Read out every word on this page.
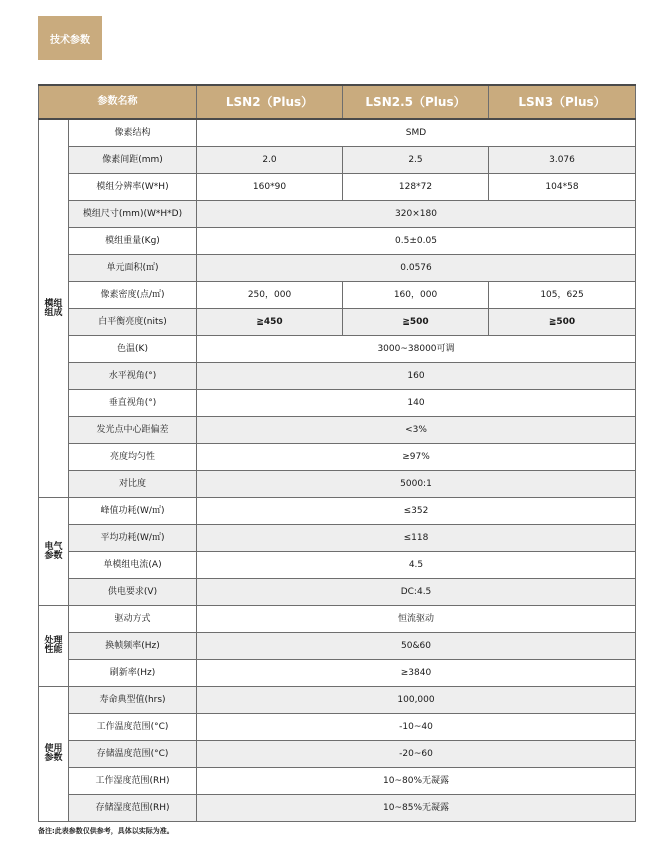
技术参数
参数名称		LSN2（Plus）	LSN2.5（Plus）	LSN3（Plus）
模组
组成	像素结构	SMD		
	像素间距(mm)	2.0	2.5	3.076
	模组分辨率(W*H)	160*90	128*72	104*58
	模组尺寸(mm)(W*H*D)	320×180		
	模组重量(Kg)	0.5±0.05		
	单元面积(㎡)	0.0576		
	像素密度(点/㎡)	250，000	160，000	105，625
	白平衡亮度(nits)	≧450	≧500	≧500
	色温(K)	3000~38000可调		
	水平视角(°)	160		
	垂直视角(°)	140		
	发光点中心距偏差	<3%		
	亮度均匀性	≥97%		
	对比度	5000:1		
电气
参数	峰值功耗(W/㎡)	≤352		
	平均功耗(W/㎡)	≤118		
	单模组电流(A)	4.5		
	供电要求(V)	DC:4.5		
处理
性能	驱动方式	恒流驱动		
	换帧频率(Hz)	50&60		
	刷新率(Hz)	≥3840		
使用
参数	寿命典型值(hrs)	100,000		
	工作温度范围(°C)	-10~40		
	存储温度范围(°C)	-20~60		
	工作湿度范围(RH)	10~80%无凝露		
	存储湿度范围(RH)	10~85%无凝露		
备注:此表参数仅供参考，具体以实际为准。
